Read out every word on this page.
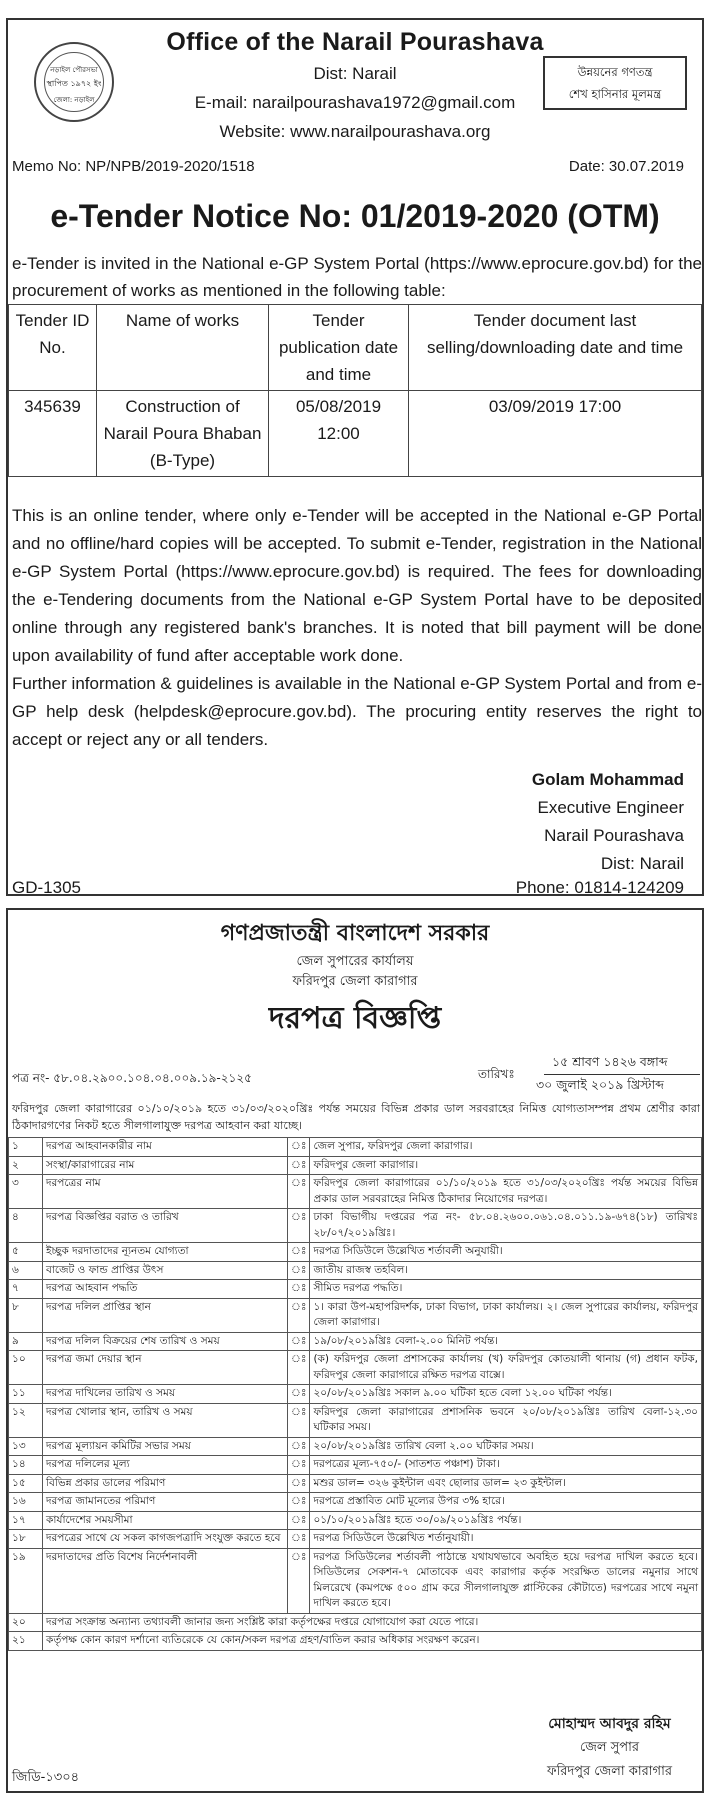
নড়াইল পৌরসভা
স্থাপিত ১৯৭২ ইং
জেলা: নড়াইল
Office of the Narail Pourashava
Dist: Narail
E-mail: narailpourashava1972@gmail.com
Website: www.narailpourashava.org
উন্নয়নের গণতন্ত্র
শেখ হাসিনার মূলমন্ত্র
Memo No: NP/NPB/2019-2020/1518	Date: 30.07.2019
e-Tender Notice No: 01/2019-2020 (OTM)
e-Tender is invited in the National e-GP System Portal (https://www.eprocure.gov.bd) for the procurement of works as mentioned in the following table:
Tender ID No.	Name of works	Tender publication date and time	Tender document last selling/downloading date and time
345639	Construction of Narail Poura Bhaban (B-Type)	05/08/2019 12:00	03/09/2019 17:00

This is an online tender, where only e-Tender will be accepted in the National e-GP Portal and no offline/hard copies will be accepted. To submit e-Tender, registration in the National e-GP System Portal (https://www.eprocure.gov.bd) is required. The fees for downloading the e-Tendering documents from the National e-GP System Portal have to be deposited online through any registered bank's branches. It is noted that bill payment will be done upon availability of fund after acceptable work done.

Further information & guidelines is available in the National e-GP System Portal and from e-GP help desk (helpdesk@eprocure.gov.bd). The procuring entity reserves the right to accept or reject any or all tenders.

Golam Mohammad
Executive Engineer
Narail Pourashava
Dist: Narail
GD-1305	Phone: 01814-124209
গণপ্রজাতন্ত্রী বাংলাদেশ সরকার
জেল সুপারের কার্যালয়
ফরিদপুর জেলা কারাগার
দরপত্র বিজ্ঞপ্তি
পত্র নং- ৫৮.০৪.২৯০০.১০৪.০৪.০০৯.১৯-২১২৫	তারিখঃ
১৫ শ্রাবণ ১৪২৬ বঙ্গাব্দ
৩০ জুলাই ২০১৯ খ্রিস্টাব্দ
ফরিদপুর জেলা কারাগারের ০১/১০/২০১৯ হতে ৩১/০৩/২০২০খ্রিঃ পর্যন্ত সময়ের বিভিন্ন প্রকার ডাল সরবরাহের নিমিত্ত যোগ্যতাসম্পন্ন প্রথম শ্রেণীর কারা ঠিকাদারগণের নিকট হতে সীলগালাযুক্ত দরপত্র আহবান করা যাচ্ছে।
১	দরপত্র আহবানকারীর নাম	ঃ	জেল সুপার, ফরিদপুর জেলা কারাগার।
২	সংস্থা/কারাগারের নাম	ঃ	ফরিদপুর জেলা কারাগার।
৩	দরপত্রের নাম	ঃ	ফরিদপুর জেলা কারাগারের ০১/১০/২০১৯ হতে ৩১/০৩/২০২০খ্রিঃ পর্যন্ত সময়ের বিভিন্ন প্রকার ডাল সরবরাহের নিমিত্ত ঠিকাদার নিয়োগের দরপত্র।
৪	দরপত্র বিজ্ঞপ্তির বরাত ও তারিখ	ঃ	ঢাকা বিভাগীয় দপ্তরের পত্র নং- ৫৮.০৪.২৬০০.০৬১.০৪.০১১.১৯-৬৭৪(১৮) তারিখঃ ২৮/০৭/২০১৯খ্রিঃ।
৫	ইচ্ছুক দরদাতাদের ন্যূনতম যোগ্যতা	ঃ	দরপত্র সিডিউলে উল্লেখিত শর্তাবলী অনুযায়ী।
৬	বাজেট ও ফান্ড প্রাপ্তির উৎস	ঃ	জাতীয় রাজস্ব তহবিল।
৭	দরপত্র আহবান পদ্ধতি	ঃ	সীমিত দরপত্র পদ্ধতি।
৮	দরপত্র দলিল প্রাপ্তির স্থান	ঃ	১। কারা উপ-মহাপরিদর্শক, ঢাকা বিভাগ, ঢাকা কার্যালয়। ২। জেল সুপারের কার্যালয়, ফরিদপুর জেলা কারাগার।
৯	দরপত্র দলিল বিক্রয়ের শেষ তারিখ ও সময়	ঃ	১৯/০৮/২০১৯খ্রিঃ বেলা-২.০০ মিনিট পর্যন্ত।
১০	দরপত্র জমা দেয়ার স্থান	ঃ	(ক) ফরিদপুর জেলা প্রশাসকের কার্যালয় (খ) ফরিদপুর কোতয়ালী থানায় (গ) প্রধান ফটক, ফরিদপুর জেলা কারাগারে রক্ষিত দরপত্র বাক্সে।
১১	দরপত্র দাখিলের তারিখ ও সময়	ঃ	২০/০৮/২০১৯খ্রিঃ সকাল ৯.০০ ঘটিকা হতে বেলা ১২.০০ ঘটিকা পর্যন্ত।
১২	দরপত্র খোলার স্থান, তারিখ ও সময়	ঃ	ফরিদপুর জেলা কারাগারের প্রশাসনিক ভবনে ২০/০৮/২০১৯খ্রিঃ তারিখ বেলা-১২.৩০ ঘটিকার সময়।
১৩	দরপত্র মূল্যায়ন কমিটির সভার সময়	ঃ	২০/০৮/২০১৯খ্রিঃ তারিখ বেলা ২.০০ ঘটিকার সময়।
১৪	দরপত্র দলিলের মূল্য	ঃ	দরপত্রের মূল্য-৭৫০/- (সাতশত পঞ্চাশ) টাকা।
১৫	বিভিন্ন প্রকার ডালের পরিমাণ	ঃ	মশুর ডাল= ৩২৬ কুইন্টাল এবং ছোলার ডাল= ২৩ কুইন্টাল।
১৬	দরপত্র জামানতের পরিমাণ	ঃ	দরপত্রে প্রস্তাবিত মোট মূল্যের উপর ৩% হারে।
১৭	কার্যাদেশের সময়সীমা	ঃ	০১/১০/২০১৯খ্রিঃ হতে ৩০/০৯/২০১৯খ্রিঃ পর্যন্ত।
১৮	দরপত্রের সাথে যে সকল কাগজপত্রাদি সংযুক্ত করতে হবে	ঃ	দরপত্র সিডিউলে উল্লেখিত শর্তানুযায়ী।
১৯	দরদাতাদের প্রতি বিশেষ নির্দেশনাবলী	ঃ	দরপত্র সিডিউলের শর্তাবলী পাঠান্তে যথাযথভাবে অবহিত হয়ে দরপত্র দাখিল করতে হবে। সিডিউলের সেকশন-৭ মোতাবেক এবং কারাগার কর্তৃক সংরক্ষিত ডালের নমুনার সাথে মিলরেখে (কমপক্ষে ৫০০ গ্রাম করে সীলগালাযুক্ত প্লাস্টিকের কৌটাতে) দরপত্রের সাথে নমুনা দাখিল করতে হবে।
২০	দরপত্র সংক্রান্ত অন্যান্য তথ্যাবলী জানার জন্য সংশ্লিষ্ট কারা কর্তৃপক্ষের দপ্তরে যোগাযোগ করা যেতে পারে।		
২১	কর্তৃপক্ষ কোন কারণ দর্শানো ব্যতিরেকে যে কোন/সকল দরপত্র গ্রহণ/বাতিল করার অধিকার সংরক্ষণ করেন।		
মোহাম্মদ আবদুর রহিম
জেল সুপার
ফরিদপুর জেলা কারাগার
জিডি-১৩০৪
